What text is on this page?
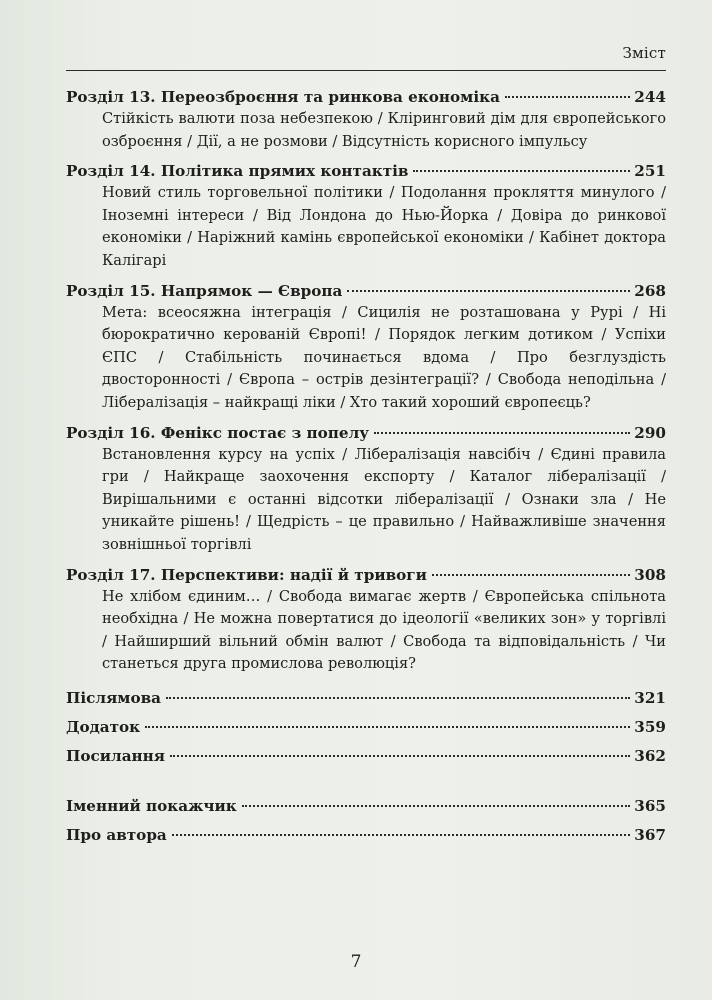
Зміст
Розділ 13. Переозброєння та ринкова економіка	244
Стійкість валюти поза небезпекою / Кліринговий дім для європейського озброєння / Дії, а не розмови / Відсутність корисного імпульсу
Розділ 14. Політика прямих контактів	251
Новий стиль торговельної політики / Подолання прокляття минулого / Іноземні інтереси / Від Лондона до Нью-Йорка / Довіра до ринкової економіки / Наріжний камінь європейської економіки / Кабінет доктора Калігарі
Розділ 15. Напрямок — Європа	268
Мета: всеосяжна інтеграція / Сицилія не розташована у Рурі / Ні бюрократично керованій Європі! / Порядок легким дотиком / Успіхи ЄПС / Стабільність починається вдома / Про безглуздість двосторонності / Європа – острів дезінтеграції? / Свобода неподільна / Лібералізація – найкращі ліки / Хто такий хороший європеєць?
Розділ 16. Фенікс постає з попелу	290
Встановлення курсу на успіх / Лібералізація навсібіч / Єдині правила гри / Найкраще заохочення експорту / Каталог лібералізації / Вирішальними є останні відсотки лібералізації / Ознаки зла / Не уникайте рішень! / Щедрість – це правильно / Найважливіше значення зовнішньої торгівлі
Розділ 17. Перспективи: надії й тривоги	308
Не хлібом єдиним… / Свобода вимагає жертв / Європейська спільнота необхідна / Не можна повертатися до ідеології «великих зон» у торгівлі / Найширший вільний обмін валют / Свобода та відповідальність / Чи станеться друга промислова революція?
Післямова	321
Додаток	359
Посилання	362
Іменний покажчик	365
Про автора	367
7
